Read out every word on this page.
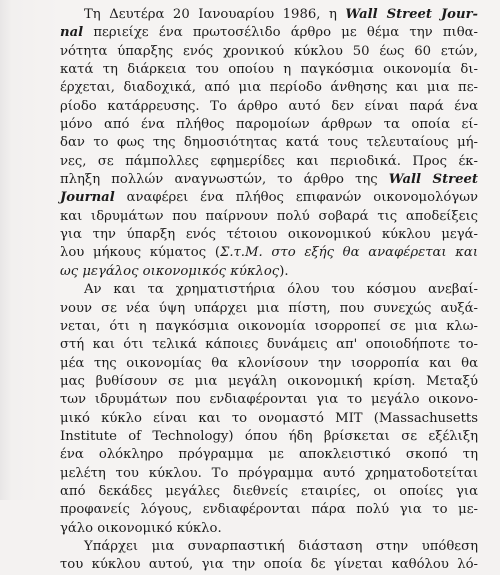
Τη Δευτέρα 20 Ιανουαρίου 1986, η Wall Street Jour-
nal περιείχε ένα πρωτοσέλιδο άρθρο με θέμα την πιθα-
νότητα ύπαρξης ενός χρονικού κύκλου 50 έως 60 ετών,
κατά τη διάρκεια του οποίου η παγκόσμια οικονομία δι-
έρχεται, διαδοχικά, από μια περίοδο άνθησης και μια πε-
ρίοδο κατάρρευσης. Το άρθρο αυτό δεν είναι παρά ένα
μόνο από ένα πλήθος παρομοίων άρθρων τα οποία εί-
δαν το φως της δημοσιότητας κατά τους τελευταίους μή-
νες, σε πάμπολλες εφημερίδες και περιοδικά. Προς έκ-
πληξη πολλών αναγνωστών, το άρθρο της Wall Street
Journal αναφέρει ένα πλήθος επιφανών οικονομολόγων
και ιδρυμάτων που παίρνουν πολύ σοβαρά τις αποδείξεις
για την ύπαρξη ενός τέτοιου οικονομικού κύκλου μεγά-
λου μήκους κύματος (Σ.τ.Μ. στο εξής θα αναφέρεται και
ως μεγάλος οικονομικός κύκλος).
Αν και τα χρηματιστήρια όλου του κόσμου ανεβαί-
νουν σε νέα ύψη υπάρχει μια πίστη, που συνεχώς αυξά-
νεται, ότι η παγκόσμια οικονομία ισορροπεί σε μια κλω-
στή και ότι τελικά κάποιες δυνάμεις απ' οποιοδήποτε το-
μέα της οικονομίας θα κλονίσουν την ισορροπία και θα
μας βυθίσουν σε μια μεγάλη οικονομική κρίση. Μεταξύ
των ιδρυμάτων που ενδιαφέρονται για το μεγάλο οικονο-
μικό κύκλο είναι και το ονομαστό MIT (Massachusetts
Institute of Technology) όπου ήδη βρίσκεται σε εξέλιξη
ένα ολόκληρο πρόγραμμα με αποκλειστικό σκοπό τη
μελέτη του κύκλου. Το πρόγραμμα αυτό χρηματοδοτείται
από δεκάδες μεγάλες διεθνείς εταιρίες, οι οποίες για
προφανείς λόγους, ενδιαφέρονται πάρα πολύ για το με-
γάλο οικονομικό κύκλο.
Υπάρχει μια συναρπαστική διάσταση στην υπόθεση
του κύκλου αυτού, για την οποία δε γίνεται καθόλου λό-
